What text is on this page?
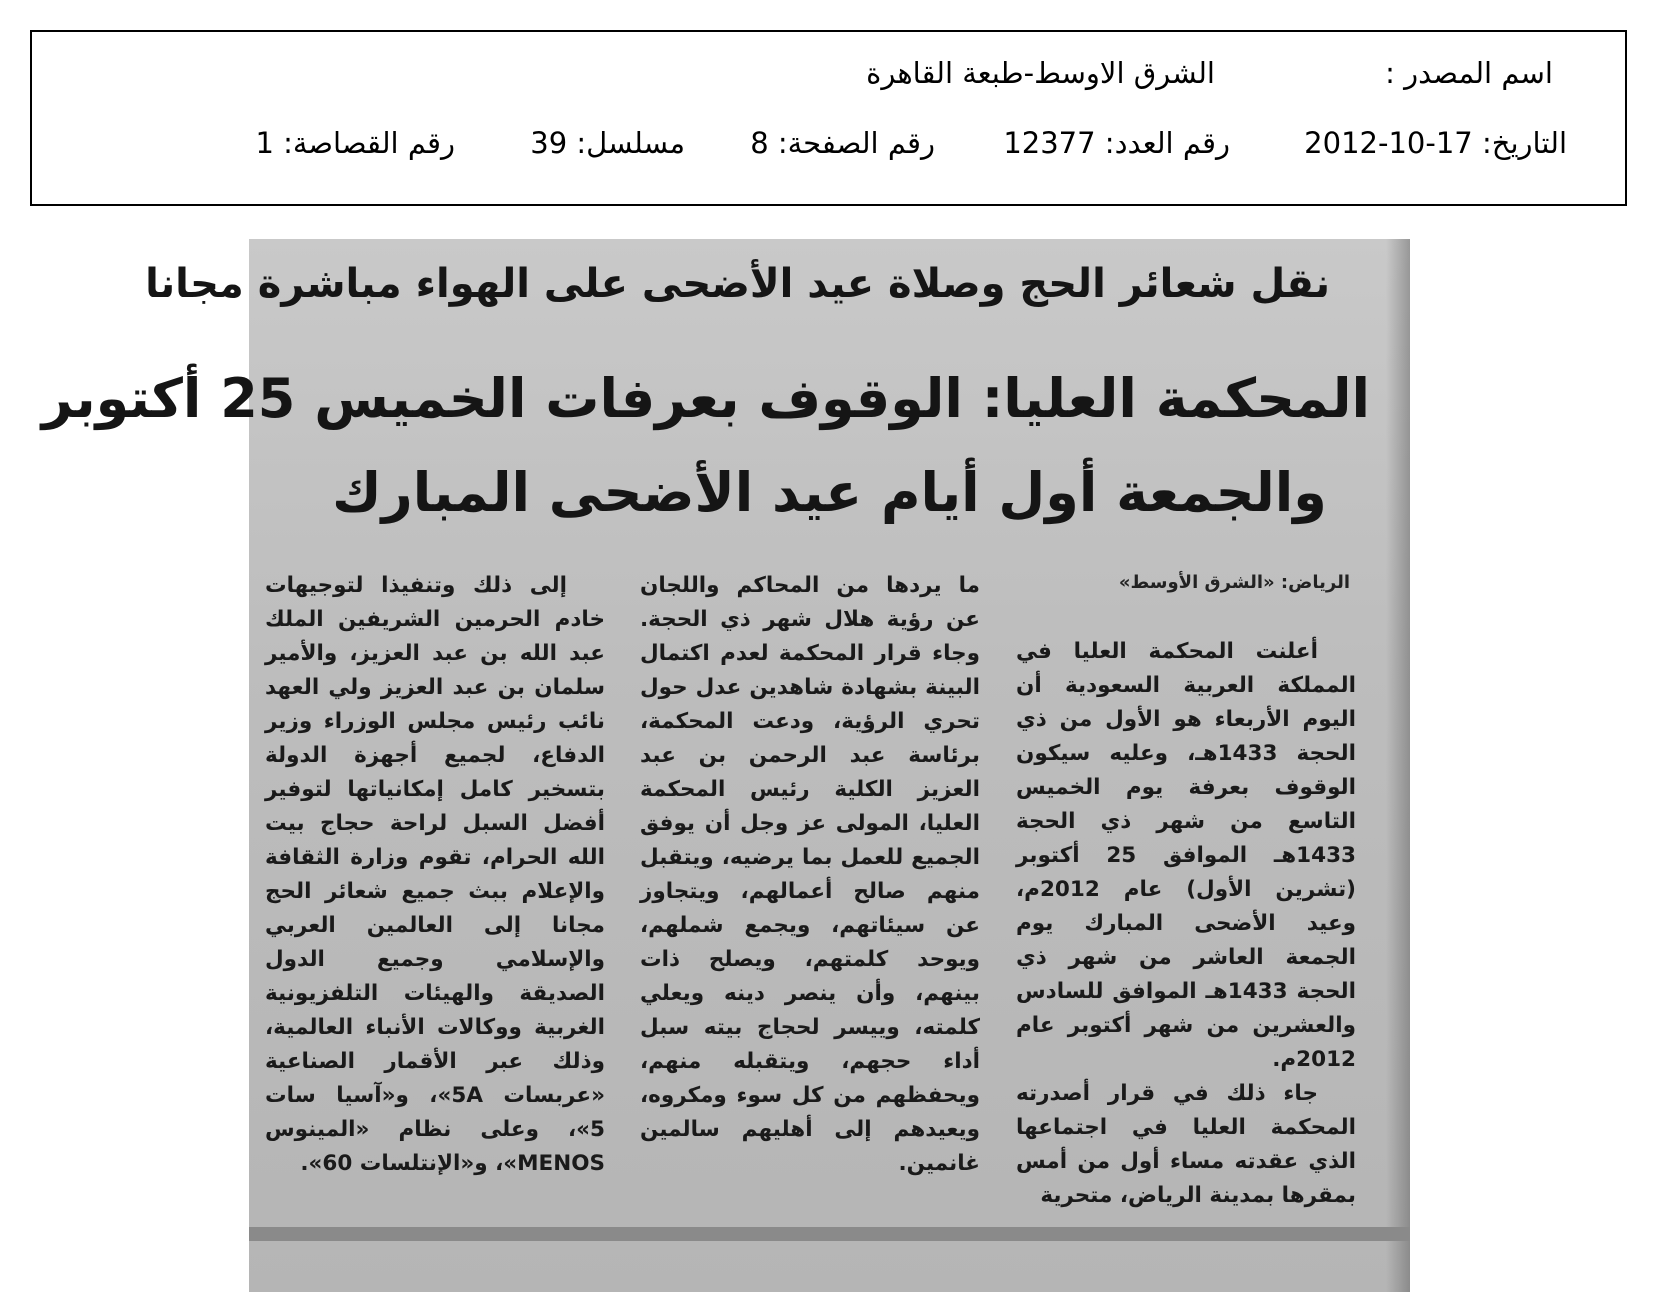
اسم المصدر :
الشرق الاوسط-طبعة القاهرة
التاريخ: 17-10-2012
رقم العدد: 12377
رقم الصفحة: 8
مسلسل: 39
رقم القصاصة: 1
نقل شعائر الحج وصلاة عيد الأضحى على الهواء مباشرة مجانا
المحكمة العليا: الوقوف بعرفات الخميس 25 أكتوبر
والجمعة أول أيام عيد الأضحى المبارك
الرياض: «الشرق الأوسط»

أعلنت المحكمة العليا في المملكة العربية السعودية أن اليوم الأربعاء هو الأول من ذي الحجة 1433هـ، وعليه سيكون الوقوف بعرفة يوم الخميس التاسع من شهر ذي الحجة 1433هـ الموافق 25 أكتوبر (تشرين الأول) عام 2012م، وعيد الأضحى المبارك يوم الجمعة العاشر من شهر ذي الحجة 1433هـ الموافق للسادس والعشرين من شهر أكتوبر عام 2012م.

جاء ذلك في قرار أصدرته المحكمة العليا في اجتماعها الذي عقدته مساء أول من أمس بمقرها بمدينة الرياض، متحرية

ما يردها من المحاكم واللجان عن رؤية هلال شهر ذي الحجة. وجاء قرار المحكمة لعدم اكتمال البينة بشهادة شاهدين عدل حول تحري الرؤية، ودعت المحكمة، برئاسة عبد الرحمن بن عبد العزيز الكلية رئيس المحكمة العليا، المولى عز وجل أن يوفق الجميع للعمل بما يرضيه، ويتقبل منهم صالح أعمالهم، ويتجاوز عن سيئاتهم، ويجمع شملهم، ويوحد كلمتهم، ويصلح ذات بينهم، وأن ينصر دينه ويعلي كلمته، وييسر لحجاج بيته سبل أداء حجهم، ويتقبله منهم، ويحفظهم من كل سوء ومكروه، ويعيدهم إلى أهليهم سالمين غانمين.

إلى ذلك وتنفيذا لتوجيهات خادم الحرمين الشريفين الملك عبد الله بن عبد العزيز، والأمير سلمان بن عبد العزيز ولي العهد نائب رئيس مجلس الوزراء وزير الدفاع، لجميع أجهزة الدولة بتسخير كامل إمكانياتها لتوفير أفضل السبل لراحة حجاج بيت الله الحرام، تقوم وزارة الثقافة والإعلام ببث جميع شعائر الحج مجانا إلى العالمين العربي والإسلامي وجميع الدول الصديقة والهيئات التلفزيونية الغربية ووكالات الأنباء العالمية، وذلك عبر الأقمار الصناعية «عربسات 5A»، و«آسيا سات 5»، وعلى نظام «المينوس MENOS»، و«الإنتلسات 60».
